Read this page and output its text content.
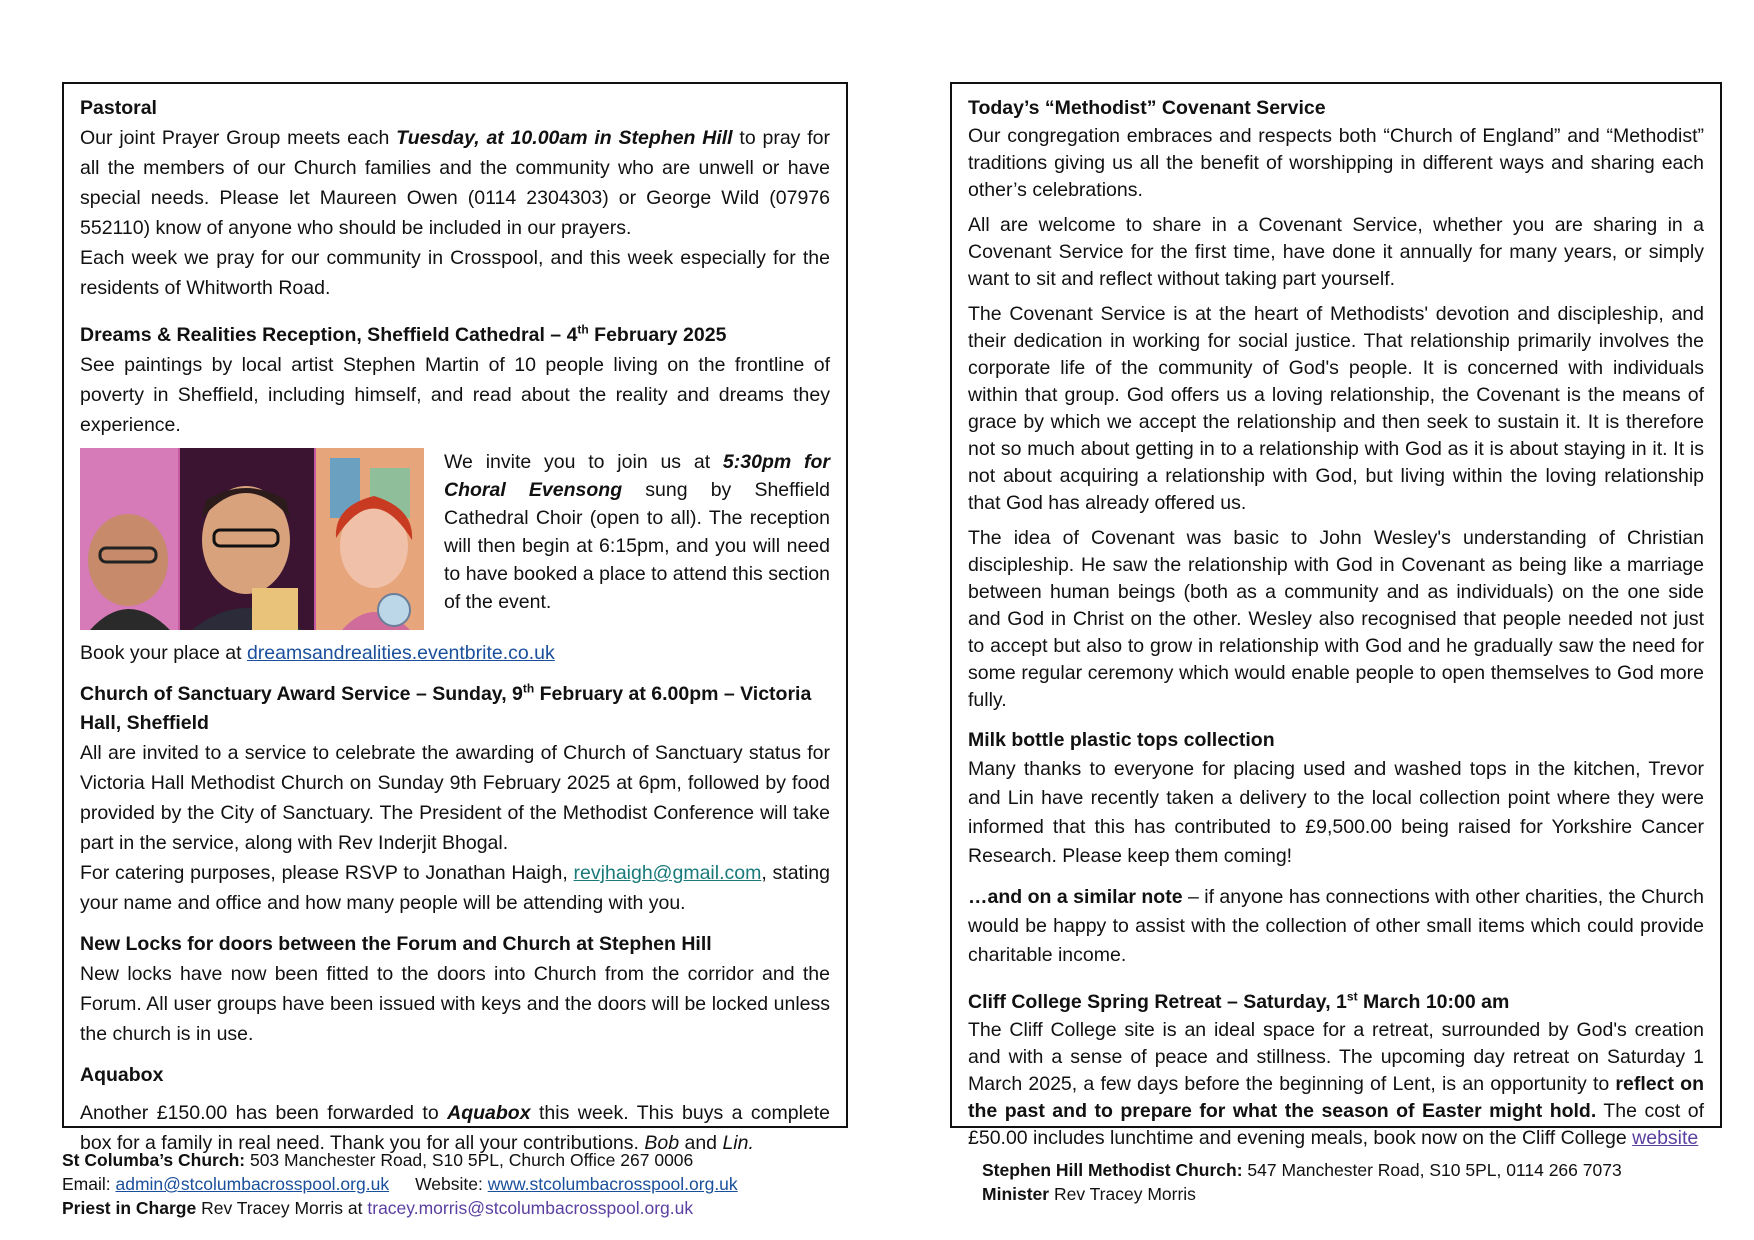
Pastoral

Our joint Prayer Group meets each Tuesday, at 10.00am in Stephen Hill to pray for all the members of our Church families and the community who are unwell or have special needs. Please let Maureen Owen (0114 2304303) or George Wild (07976 552110) know of anyone who should be included in our prayers.

Each week we pray for our community in Crosspool, and this week especially for the residents of Whitworth Road.

Dreams & Realities Reception, Sheffield Cathedral – 4th February 2025

See paintings by local artist Stephen Martin of 10 people living on the frontline of poverty in Sheffield, including himself, and read about the reality and dreams they experience.

We invite you to join us at 5:30pm for Choral Evensong sung by Sheffield Cathedral Choir (open to all). The reception will then begin at 6:15pm, and you will need to have booked a place to attend this section of the event.

Book your place at dreamsandrealities.eventbrite.co.uk

Church of Sanctuary Award Service – Sunday, 9th February at 6.00pm – Victoria Hall, Sheffield

All are invited to a service to celebrate the awarding of Church of Sanctuary status for Victoria Hall Methodist Church on Sunday 9th February 2025 at 6pm, followed by food provided by the City of Sanctuary. The President of the Methodist Conference will take part in the service, along with Rev Inderjit Bhogal.

For catering purposes, please RSVP to Jonathan Haigh, revjhaigh@gmail.com, stating your name and office and how many people will be attending with you.

New Locks for doors between the Forum and Church at Stephen Hill

New locks have now been fitted to the doors into Church from the corridor and the Forum. All user groups have been issued with keys and the doors will be locked unless the church is in use.

Aquabox

Another £150.00 has been forwarded to Aquabox this week. This buys a complete box for a family in real need. Thank you for all your contributions. Bob and Lin.

Today’s “Methodist” Covenant Service

Our congregation embraces and respects both “Church of England” and “Methodist” traditions giving us all the benefit of worshipping in different ways and sharing each other’s celebrations.

All are welcome to share in a Covenant Service, whether you are sharing in a Covenant Service for the first time, have done it annually for many years, or simply want to sit and reflect without taking part yourself.

The Covenant Service is at the heart of Methodists' devotion and discipleship, and their dedication in working for social justice. That relationship primarily involves the corporate life of the community of God's people. It is concerned with individuals within that group. God offers us a loving relationship, the Covenant is the means of grace by which we accept the relationship and then seek to sustain it. It is therefore not so much about getting in to a relationship with God as it is about staying in it. It is not about acquiring a relationship with God, but living within the loving relationship that God has already offered us.

The idea of Covenant was basic to John Wesley's understanding of Christian discipleship. He saw the relationship with God in Covenant as being like a marriage between human beings (both as a community and as individuals) on the one side and God in Christ on the other. Wesley also recognised that people needed not just to accept but also to grow in relationship with God and he gradually saw the need for some regular ceremony which would enable people to open themselves to God more fully.

Milk bottle plastic tops collection

Many thanks to everyone for placing used and washed tops in the kitchen, Trevor and Lin have recently taken a delivery to the local collection point where they were informed that this has contributed to £9,500.00 being raised for Yorkshire Cancer Research. Please keep them coming!

…and on a similar note – if anyone has connections with other charities, the Church would be happy to assist with the collection of other small items which could provide charitable income.

Cliff College Spring Retreat – Saturday, 1st March 10:00 am

The Cliff College site is an ideal space for a retreat, surrounded by God's creation and with a sense of peace and stillness. The upcoming day retreat on Saturday 1 March 2025, a few days before the beginning of Lent, is an opportunity to reflect on the past and to prepare for what the season of Easter might hold. The cost of £50.00 includes lunchtime and evening meals, book now on the Cliff College website

St Columba’s Church: 503 Manchester Road, S10 5PL, Church Office 267 0006
Email: admin@stcolumbacrosspool.org.uk Website: www.stcolumbacrosspool.org.uk
Priest in Charge Rev Tracey Morris at tracey.morris@stcolumbacrosspool.org.uk
Stephen Hill Methodist Church: 547 Manchester Road, S10 5PL, 0114 266 7073
Minister Rev Tracey Morris
